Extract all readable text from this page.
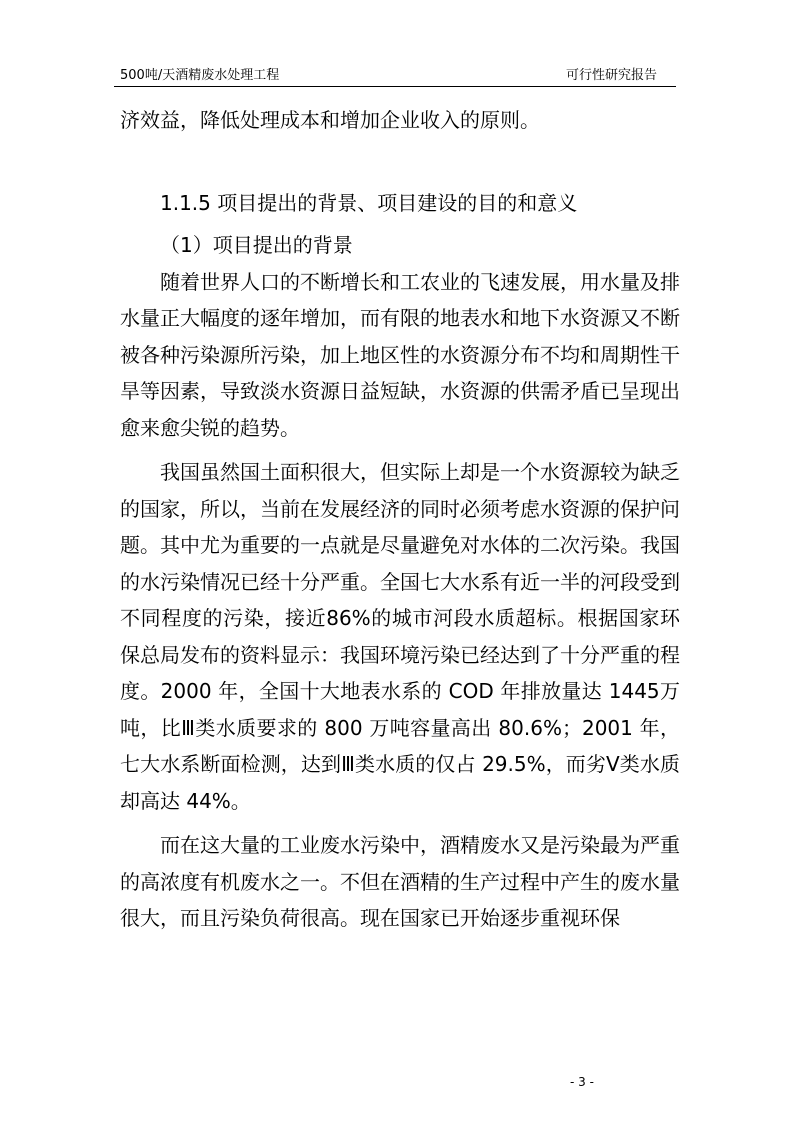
500吨/天酒精废水处理工程	可行性研究报告

济效益，降低处理成本和增加企业收入的原则。

1.1.5 项目提出的背景、项目建设的目的和意义

（1）项目提出的背景

随着世界人口的不断增长和工农业的飞速发展，用水量及排水量正大幅度的逐年增加，而有限的地表水和地下水资源又不断被各种污染源所污染，加上地区性的水资源分布不均和周期性干旱等因素，导致淡水资源日益短缺，水资源的供需矛盾已呈现出愈来愈尖锐的趋势。

我国虽然国土面积很大，但实际上却是一个水资源较为缺乏的国家，所以，当前在发展经济的同时必须考虑水资源的保护问题。其中尤为重要的一点就是尽量避免对水体的二次污染。我国的水污染情况已经十分严重。全国七大水系有近一半的河段受到不同程度的污染，接近86%的城市河段水质超标。根据国家环保总局发布的资料显示：我国环境污染已经达到了十分严重的程度。2000 年，全国十大地表水系的 COD 年排放量达 1445万吨，比Ⅲ类水质要求的 800 万吨容量高出 80.6%；2001 年，七大水系断面检测，达到Ⅲ类水质的仅占 29.5%，而劣Ⅴ类水质却高达 44%。

而在这大量的工业废水污染中，酒精废水又是污染最为严重的高浓度有机废水之一。不但在酒精的生产过程中产生的废水量很大，而且污染负荷很高。现在国家已开始逐步重视环保

- 3 -
